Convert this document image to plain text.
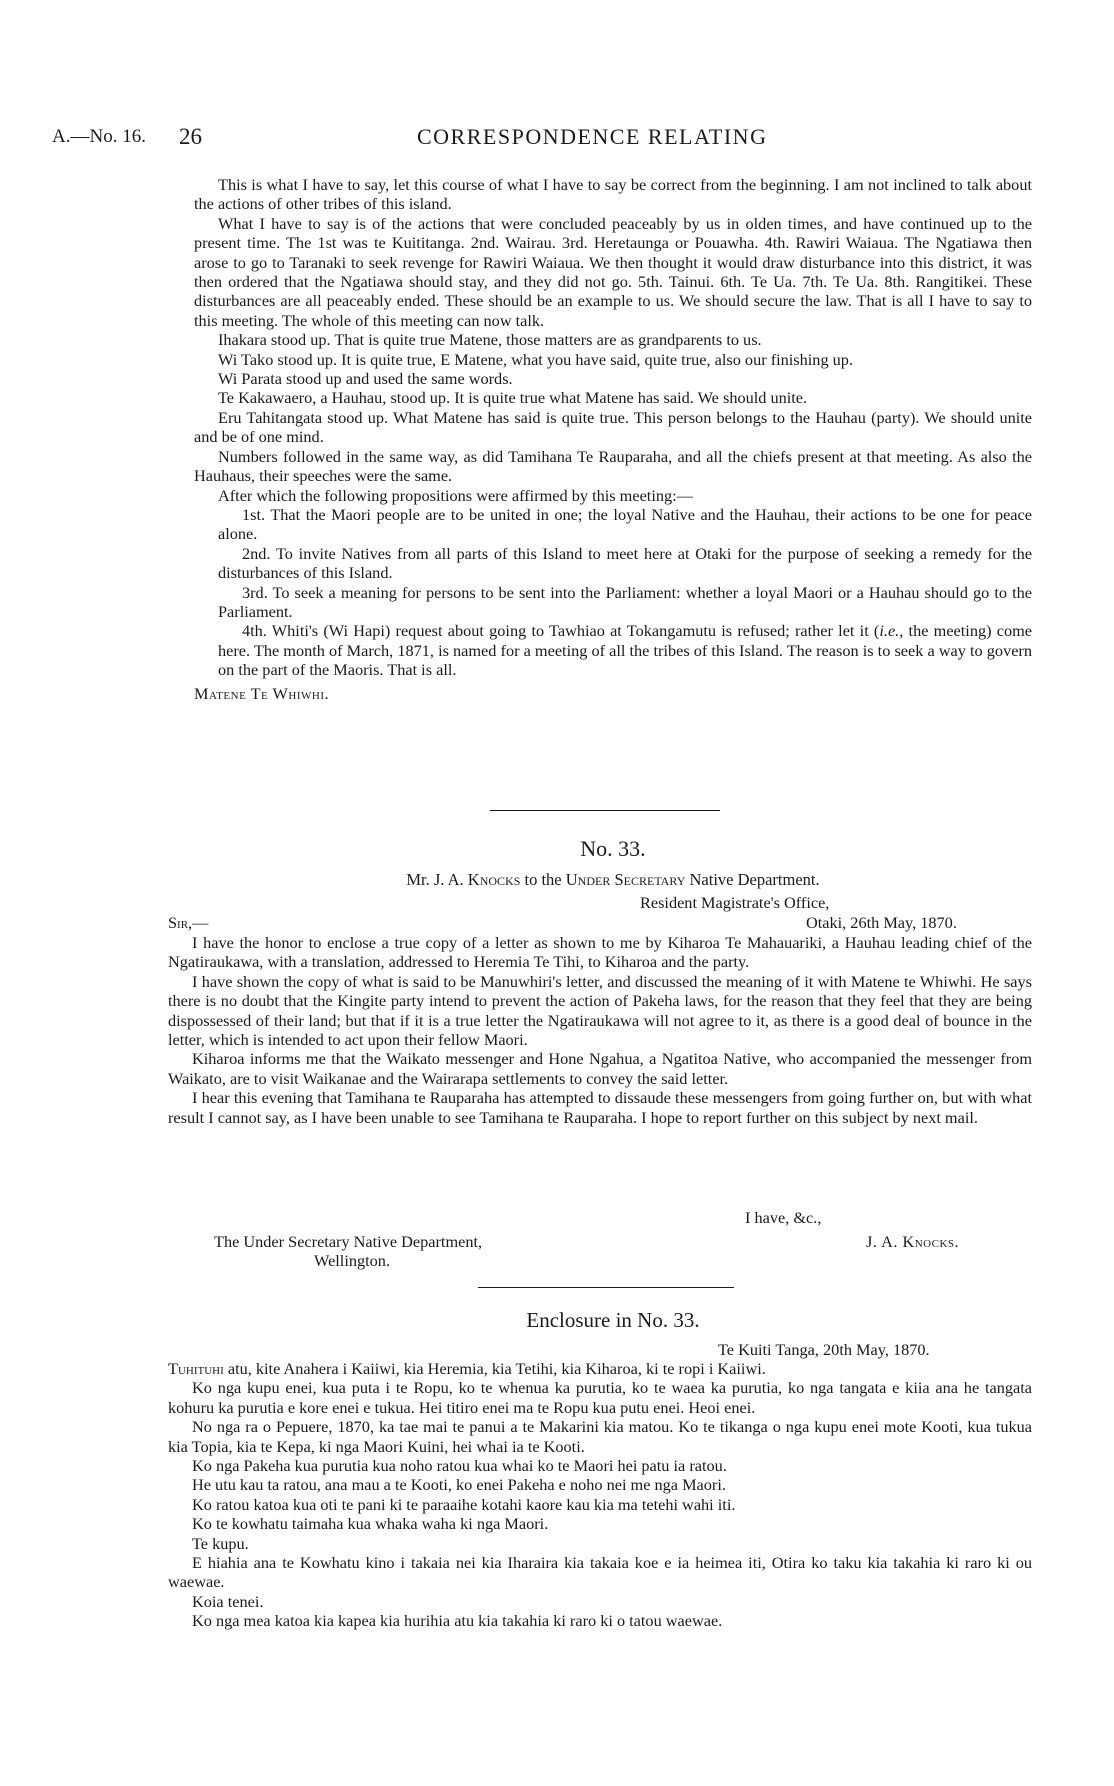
A.—No. 16. 26	CORRESPONDENCE RELATING

This is what I have to say, let this course of what I have to say be correct from the beginning. I am not inclined to talk about the actions of other tribes of this island.

What I have to say is of the actions that were concluded peaceably by us in olden times, and have continued up to the present time. The 1st was te Kuititanga. 2nd. Wairau. 3rd. Heretaunga or Pouawha. 4th. Rawiri Waiaua. The Ngatiawa then arose to go to Taranaki to seek revenge for Rawiri Waiaua. We then thought it would draw disturbance into this district, it was then ordered that the Ngatiawa should stay, and they did not go. 5th. Tainui. 6th. Te Ua. 7th. Te Ua. 8th. Rangitikei. These disturbances are all peaceably ended. These should be an example to us. We should secure the law. That is all I have to say to this meeting. The whole of this meeting can now talk.

Ihakara stood up. That is quite true Matene, those matters are as grandparents to us.

Wi Tako stood up. It is quite true, E Matene, what you have said, quite true, also our finishing up.

Wi Parata stood up and used the same words.

Te Kakawaero, a Hauhau, stood up. It is quite true what Matene has said. We should unite.

Eru Tahitangata stood up. What Matene has said is quite true. This person belongs to the Hauhau (party). We should unite and be of one mind.

Numbers followed in the same way, as did Tamihana Te Rauparaha, and all the chiefs present at that meeting. As also the Hauhaus, their speeches were the same.

After which the following propositions were affirmed by this meeting:—

1st. That the Maori people are to be united in one; the loyal Native and the Hauhau, their actions to be one for peace alone.

2nd. To invite Natives from all parts of this Island to meet here at Otaki for the purpose of seeking a remedy for the disturbances of this Island.

3rd. To seek a meaning for persons to be sent into the Parliament: whether a loyal Maori or a Hauhau should go to the Parliament.

4th. Whiti's (Wi Hapi) request about going to Tawhiao at Tokangamutu is refused; rather let it (i.e., the meeting) come here. The month of March, 1871, is named for a meeting of all the tribes of this Island. The reason is to seek a way to govern on the part of the Maoris. That is all.

Matene Te Whiwhi.

No. 33.
Mr. J. A. Knocks to the Under Secretary Native Department.
Resident Magistrate's Office,
Sir,—	Otaki, 26th May, 1870.

I have the honor to enclose a true copy of a letter as shown to me by Kiharoa Te Mahauariki, a Hauhau leading chief of the Ngatiraukawa, with a translation, addressed to Heremia Te Tihi, to Kiharoa and the party.

I have shown the copy of what is said to be Manuwhiri's letter, and discussed the meaning of it with Matene te Whiwhi. He says there is no doubt that the Kingite party intend to prevent the action of Pakeha laws, for the reason that they feel that they are being dispossessed of their land; but that if it is a true letter the Ngatiraukawa will not agree to it, as there is a good deal of bounce in the letter, which is intended to act upon their fellow Maori.

Kiharoa informs me that the Waikato messenger and Hone Ngahua, a Ngatitoa Native, who accompanied the messenger from Waikato, are to visit Waikanae and the Wairarapa settlements to convey the said letter.

I hear this evening that Tamihana te Rauparaha has attempted to dissaude these messengers from going further on, but with what result I cannot say, as I have been unable to see Tamihana te Rauparaha. I hope to report further on this subject by next mail.

I have, &c.,
The Under Secretary Native Department,	J. A. Knocks.
Wellington.
Enclosure in No. 33.
Te Kuiti Tanga, 20th May, 1870.

Tuhituhi atu, kite Anahera i Kaiiwi, kia Heremia, kia Tetihi, kia Kiharoa, ki te ropi i Kaiiwi.

Ko nga kupu enei, kua puta i te Ropu, ko te whenua ka purutia, ko te waea ka purutia, ko nga tangata e kiia ana he tangata kohuru ka purutia e kore enei e tukua. Hei titiro enei ma te Ropu kua putu enei. Heoi enei.

No nga ra o Pepuere, 1870, ka tae mai te panui a te Makarini kia matou. Ko te tikanga o nga kupu enei mote Kooti, kua tukua kia Topia, kia te Kepa, ki nga Maori Kuini, hei whai ia te Kooti.

Ko nga Pakeha kua purutia kua noho ratou kua whai ko te Maori hei patu ia ratou.

He utu kau ta ratou, ana mau a te Kooti, ko enei Pakeha e noho nei me nga Maori.

Ko ratou katoa kua oti te pani ki te paraaihe kotahi kaore kau kia ma tetehi wahi iti.

Ko te kowhatu taimaha kua whaka waha ki nga Maori.

Te kupu.

E hiahia ana te Kowhatu kino i takaia nei kia Iharaira kia takaia koe e ia heimea iti, Otira ko taku kia takahia ki raro ki ou waewae.

Koia tenei.

Ko nga mea katoa kia kapea kia hurihia atu kia takahia ki raro ki o tatou waewae.
